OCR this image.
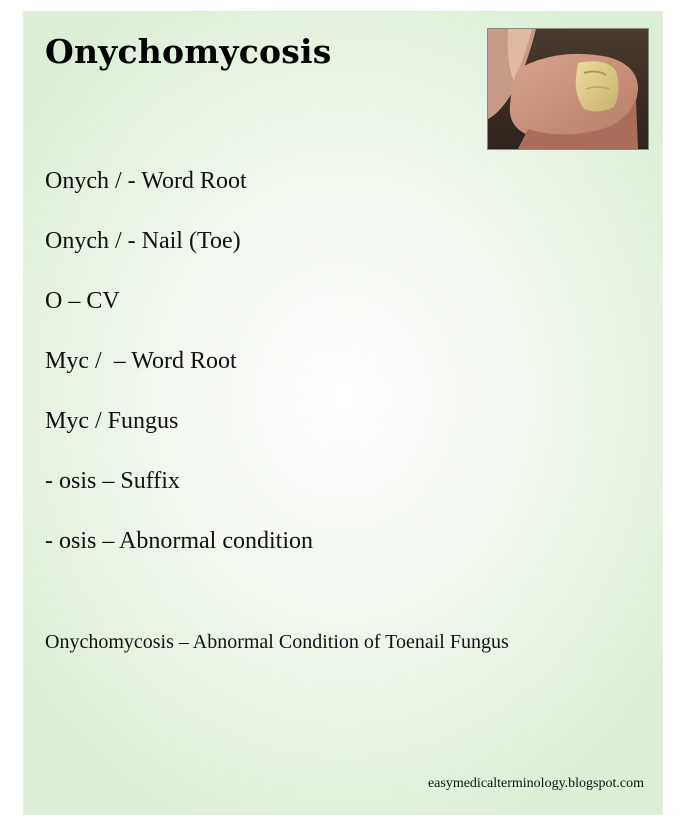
Onychomycosis
Onych / - Word Root
Onych / - Nail (Toe)
O – CV
Myc /  – Word Root
Myc / Fungus
- osis – Suffix
- osis – Abnormal condition

Onychomycosis – Abnormal Condition of Toenail Fungus

easymedicalterminology.blogspot.com
